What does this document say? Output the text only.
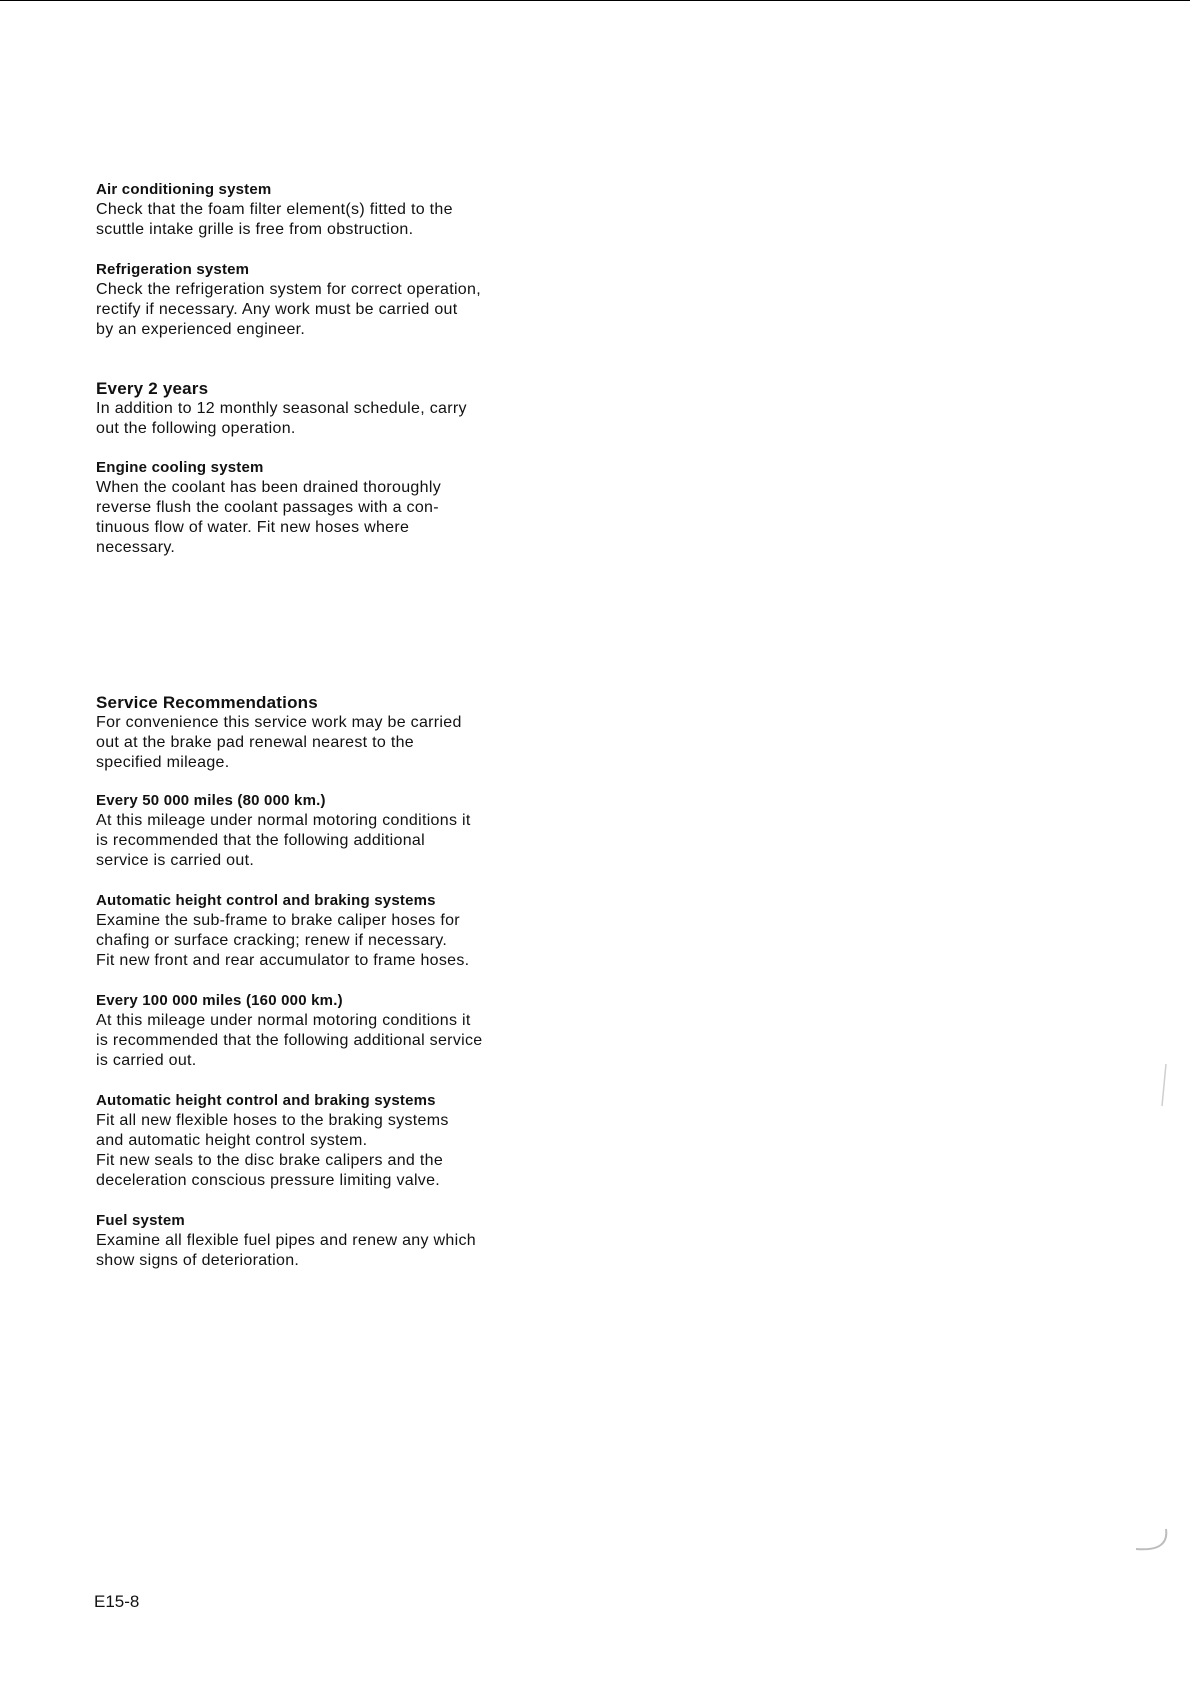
Air conditioning system

Check that the foam filter element(s) fitted to the
scuttle intake grille is free from obstruction.

Refrigeration system

Check the refrigeration system for correct operation,
rectify if necessary. Any work must be carried out
by an experienced engineer.

Every 2 years

In addition to 12 monthly seasonal schedule, carry
out the following operation.

Engine cooling system

When the coolant has been drained thoroughly
reverse flush the coolant passages with a con-
tinuous flow of water. Fit new hoses where
necessary.

Service Recommendations

For convenience this service work may be carried
out at the brake pad renewal nearest to the
specified mileage.

Every 50 000 miles (80 000 km.)

At this mileage under normal motoring conditions it
is recommended that the following additional
service is carried out.

Automatic height control and braking systems

Examine the sub-frame to brake caliper hoses for
chafing or surface cracking; renew if necessary.
Fit new front and rear accumulator to frame hoses.

Every 100 000 miles (160 000 km.)

At this mileage under normal motoring conditions it
is recommended that the following additional service
is carried out.

Automatic height control and braking systems

Fit all new flexible hoses to the braking systems
and automatic height control system.
Fit new seals to the disc brake calipers and the
deceleration conscious pressure limiting valve.

Fuel system

Examine all flexible fuel pipes and renew any which
show signs of deterioration.

E15-8
